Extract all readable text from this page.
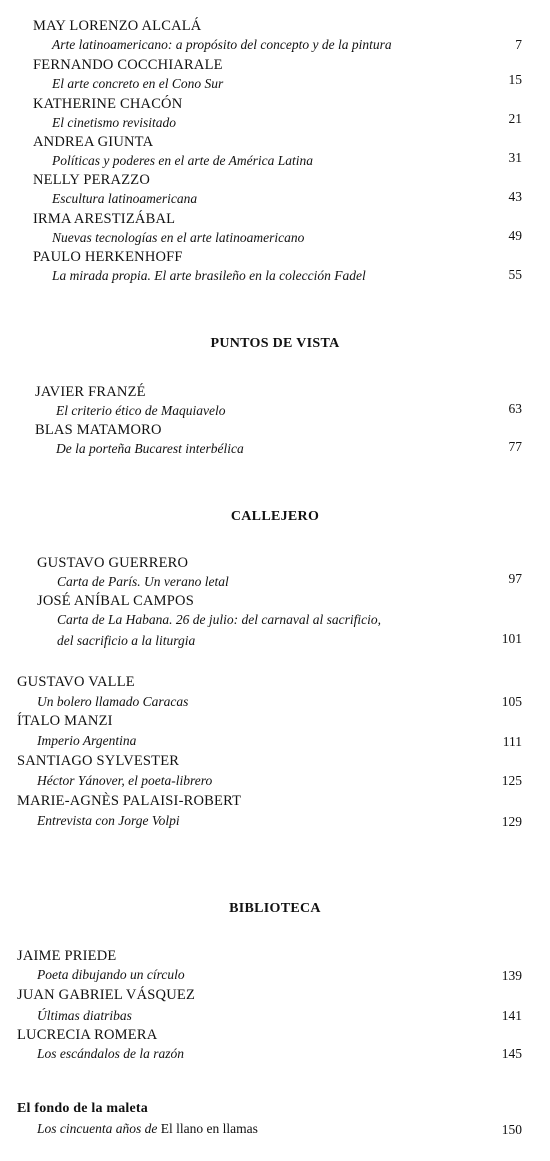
MAY LORENZO ALCALÁ
Arte latinoamericano: a propósito del concepto y de la pintura	7
FERNANDO COCCHIARALE
El arte concreto en el Cono Sur	15
KATHERINE CHACÓN
El cinetismo revisitado	21
ANDREA GIUNTA
Políticas y poderes en el arte de América Latina	31
NELLY PERAZZO
Escultura latinoamericana	43
IRMA ARESTIZÁBAL
Nuevas tecnologías en el arte latinoamericano	49
PAULO HERKENHOFF
La mirada propia. El arte brasileño en la colección Fadel	55
PUNTOS DE VISTA
JAVIER FRANZÉ
El criterio ético de Maquiavelo	63
BLAS MATAMORO
De la porteña Bucarest interbélica	77
CALLEJERO
GUSTAVO GUERRERO
Carta de París. Un verano letal	97
JOSÉ ANÍBAL CAMPOS
Carta de La Habana. 26 de julio: del carnaval al sacrificio,
del sacrificio a la liturgia	101
GUSTAVO VALLE
Un bolero llamado Caracas	105
ÍTALO MANZI
Imperio Argentina	111
SANTIAGO SYLVESTER
Héctor Yánover, el poeta-librero	125
MARIE-AGNÈS PALAISI-ROBERT
Entrevista con Jorge Volpi	129
BIBLIOTECA
JAIME PRIEDE
Poeta dibujando un círculo	139
JUAN GABRIEL VÁSQUEZ
Últimas diatribas	141
LUCRECIA ROMERA
Los escándalos de la razón	145
El fondo de la maleta
Los cincuenta años de El llano en llamas	150
